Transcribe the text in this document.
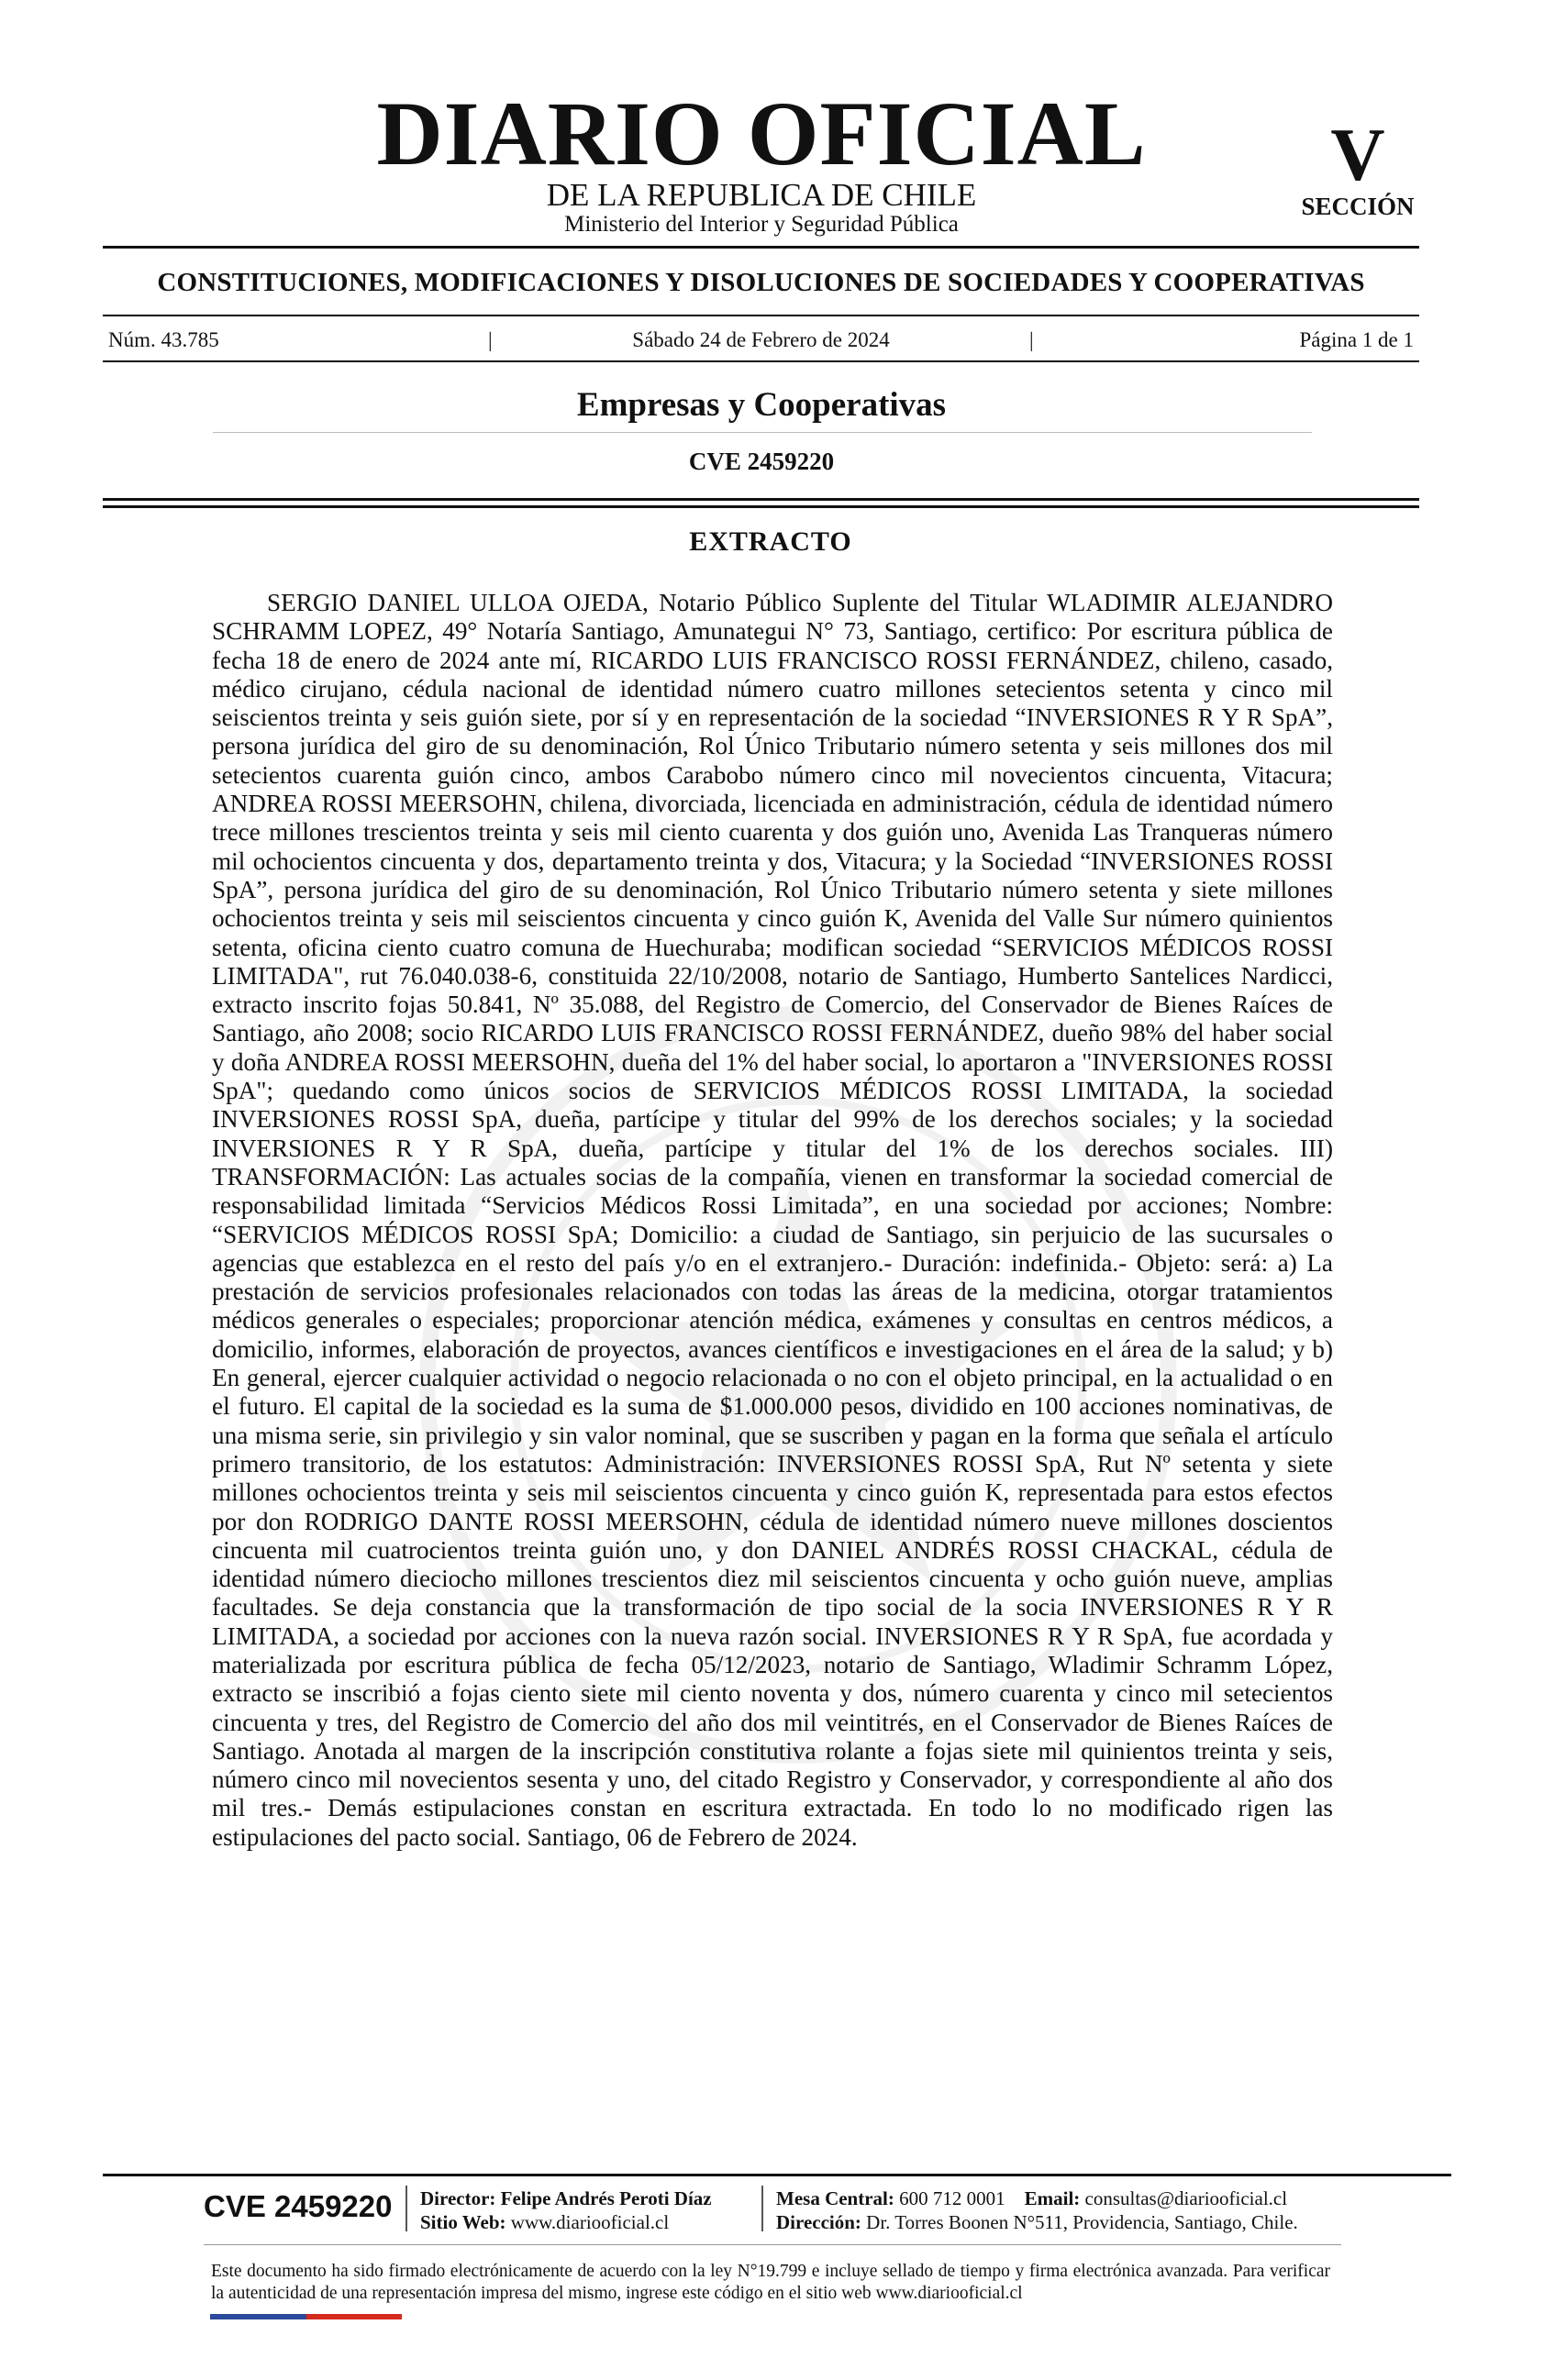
DIARIO OFICIAL
DE LA REPUBLICA DE CHILE
Ministerio del Interior y Seguridad Pública
V
SECCIÓN
CONSTITUCIONES, MODIFICACIONES Y DISOLUCIONES DE SOCIEDADES Y COOPERATIVAS
Núm. 43.785	|	Sábado 24 de Febrero de 2024	|	Página 1 de 1
Empresas y Cooperativas
CVE 2459220
EXTRACTO

SERGIO DANIEL ULLOA OJEDA, Notario Público Suplente del Titular WLADIMIR ALEJANDRO SCHRAMM LOPEZ, 49° Notaría Santiago, Amunategui N° 73, Santiago, certifico: Por escritura pública de fecha 18 de enero de 2024 ante mí, RICARDO LUIS FRANCISCO ROSSI FERNÁNDEZ, chileno, casado, médico cirujano, cédula nacional de identidad número cuatro millones setecientos setenta y cinco mil seiscientos treinta y seis guión siete, por sí y en representación de la sociedad “INVERSIONES R Y R SpA”, persona jurídica del giro de su denominación, Rol Único Tributario número setenta y seis millones dos mil setecientos cuarenta guión cinco, ambos Carabobo número cinco mil novecientos cincuenta, Vitacura; ANDREA ROSSI MEERSOHN, chilena, divorciada, licenciada en administración, cédula de identidad número trece millones trescientos treinta y seis mil ciento cuarenta y dos guión uno, Avenida Las Tranqueras número mil ochocientos cincuenta y dos, departamento treinta y dos, Vitacura; y la Sociedad “INVERSIONES ROSSI SpA”, persona jurídica del giro de su denominación, Rol Único Tributario número setenta y siete millones ochocientos treinta y seis mil seiscientos cincuenta y cinco guión K, Avenida del Valle Sur número quinientos setenta, oficina ciento cuatro comuna de Huechuraba; modifican sociedad “SERVICIOS MÉDICOS ROSSI LIMITADA", rut 76.040.038-6, constituida 22/10/2008, notario de Santiago, Humberto Santelices Nardicci, extracto inscrito fojas 50.841, Nº 35.088, del Registro de Comercio, del Conservador de Bienes Raíces de Santiago, año 2008; socio RICARDO LUIS FRANCISCO ROSSI FERNÁNDEZ, dueño 98% del haber social y doña ANDREA ROSSI MEERSOHN, dueña del 1% del haber social, lo aportaron a "INVERSIONES ROSSI SpA"; quedando como únicos socios de SERVICIOS MÉDICOS ROSSI LIMITADA, la sociedad INVERSIONES ROSSI SpA, dueña, partícipe y titular del 99% de los derechos sociales; y la sociedad INVERSIONES R Y R SpA, dueña, partícipe y titular del 1% de los derechos sociales. III) TRANSFORMACIÓN: Las actuales socias de la compañía, vienen en transformar la sociedad comercial de responsabilidad limitada “Servicios Médicos Rossi Limitada”, en una sociedad por acciones; Nombre: “SERVICIOS MÉDICOS ROSSI SpA; Domicilio: a ciudad de Santiago, sin perjuicio de las sucursales o agencias que establezca en el resto del país y/o en el extranjero.- Duración: indefinida.- Objeto: será: a) La prestación de servicios profesionales relacionados con todas las áreas de la medicina, otorgar tratamientos médicos generales o especiales; proporcionar atención médica, exámenes y consultas en centros médicos, a domicilio, informes, elaboración de proyectos, avances científicos e investigaciones en el área de la salud; y b) En general, ejercer cualquier actividad o negocio relacionada o no con el objeto principal, en la actualidad o en el futuro. El capital de la sociedad es la suma de $1.000.000 pesos, dividido en 100 acciones nominativas, de una misma serie, sin privilegio y sin valor nominal, que se suscriben y pagan en la forma que señala el artículo primero transitorio, de los estatutos: Administración: INVERSIONES ROSSI SpA, Rut Nº setenta y siete millones ochocientos treinta y seis mil seiscientos cincuenta y cinco guión K, representada para estos efectos por don RODRIGO DANTE ROSSI MEERSOHN, cédula de identidad número nueve millones doscientos cincuenta mil cuatrocientos treinta guión uno, y don DANIEL ANDRÉS ROSSI CHACKAL, cédula de identidad número dieciocho millones trescientos diez mil seiscientos cincuenta y ocho guión nueve, amplias facultades. Se deja constancia que la transformación de tipo social de la socia INVERSIONES R Y R LIMITADA, a sociedad por acciones con la nueva razón social. INVERSIONES R Y R SpA, fue acordada y materializada por escritura pública de fecha 05/12/2023, notario de Santiago, Wladimir Schramm López, extracto se inscribió a fojas ciento siete mil ciento noventa y dos, número cuarenta y cinco mil setecientos cincuenta y tres, del Registro de Comercio del año dos mil veintitrés, en el Conservador de Bienes Raíces de Santiago. Anotada al margen de la inscripción constitutiva rolante a fojas siete mil quinientos treinta y seis, número cinco mil novecientos sesenta y uno, del citado Registro y Conservador, y correspondiente al año dos mil tres.- Demás estipulaciones constan en escritura extractada. En todo lo no modificado rigen las estipulaciones del pacto social. Santiago, 06 de Febrero de 2024.

CVE 2459220 Director: Felipe Andrés Peroti Díaz
Sitio Web: www.diariooficial.cl
Mesa Central: 600 712 0001 Email: consultas@diariooficial.cl
Dirección: Dr. Torres Boonen N°511, Providencia, Santiago, Chile.
Este documento ha sido firmado electrónicamente de acuerdo con la ley N°19.799 e incluye sellado de tiempo y firma electrónica avanzada. Para verificar la autenticidad de una representación impresa del mismo, ingrese este código en el sitio web www.diariooficial.cl
